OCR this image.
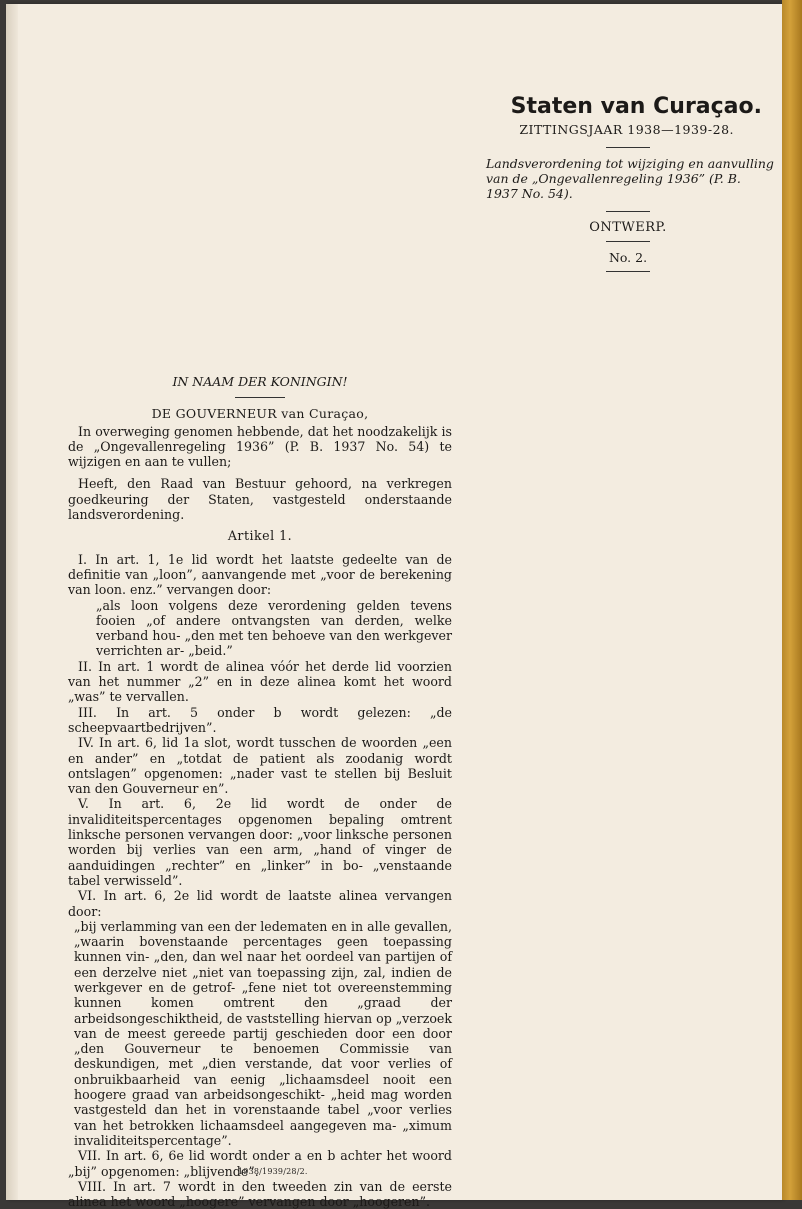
Staten van Curaçao.
ZITTINGSJAAR 1938—1939-28.
Landsverordening tot wijziging en aanvulling van de „Ongevallenregeling 1936” (P. B. 1937 No. 54).
ONTWERP.
No. 2.
IN NAAM DER KONINGIN!
DE GOUVERNEUR van Curaçao,

In overweging genomen hebbende, dat het noodzakelijk is de „Ongevallenregeling 1936” (P. B. 1937 No. 54) te wijzigen en aan te vullen;

Heeft, den Raad van Bestuur gehoord, na verkregen goedkeuring der Staten, vastgesteld onderstaande landsverordening.

Artikel 1.

I. In art. 1, 1e lid wordt het laatste gedeelte van de definitie van „loon”, aanvangende met „voor de berekening van loon. enz.” vervangen door:

„als loon volgens deze verordening gelden tevens fooien „of andere ontvangsten van derden, welke verband hou- „den met ten behoeve van den werkgever verrichten ar- „beid.”

II. In art. 1 wordt de alinea vóór het derde lid voorzien van het nummer „2” en in deze alinea komt het woord „was” te vervallen.

III. In art. 5 onder b wordt gelezen: „de scheepvaartbedrijven”.

IV. In art. 6, lid 1a slot, wordt tusschen de woorden „een en ander” en „totdat de patient als zoodanig wordt ontslagen” opgenomen: „nader vast te stellen bij Besluit van den Gouverneur en”.

V. In art. 6, 2e lid wordt de onder de invaliditeitspercentages opgenomen bepaling omtrent linksche personen vervangen door: „voor linksche personen worden bij verlies van een arm, „hand of vinger de aanduidingen „rechter” en „linker” in bo- „venstaande tabel verwisseld”.

VI. In art. 6, 2e lid wordt de laatste alinea vervangen door:

„bij verlamming van een der ledematen en in alle gevallen, „waarin bovenstaande percentages geen toepassing kunnen vin- „den, dan wel naar het oordeel van partijen of een derzelve niet „niet van toepassing zijn, zal, indien de werkgever en de getrof- „fene niet tot overeenstemming kunnen komen omtrent den „graad der arbeidsongeschiktheid, de vaststelling hiervan op „verzoek van de meest gereede partij geschieden door een door „den Gouverneur te benoemen Commissie van deskundigen, met „dien verstande, dat voor verlies of onbruikbaarheid van eenig „lichaamsdeel nooit een hoogere graad van arbeidsongeschikt- „heid mag worden vastgesteld dan het in vorenstaande tabel „voor verlies van het betrokken lichaamsdeel aangegeven ma- „ximum invaliditeitspercentage”.

VII. In art. 6, 6e lid wordt onder a en b achter het woord „bij” opgenomen: „blijvende”.

VIII. In art. 7 wordt in den tweeden zin van de eerste alinea het woord „hoogere” vervangen door „hoogeren”.

1938/1939/28/2.
